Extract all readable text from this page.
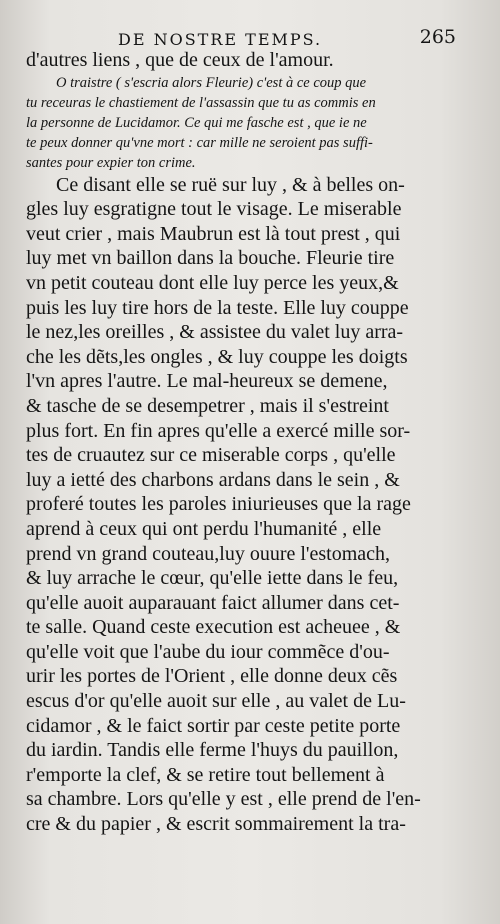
DE NOSTRE TEMPS.	265
d'autres liens , que de ceux de l'amour.
O traistre ( s'escria alors Fleurie) c'est à ce coup que
tu receuras le chastiement de l'assassin que tu as commis en
la personne de Lucidamor. Ce qui me fasche est , que ie ne
te peux donner qu'vne mort : car mille ne seroient pas suffi-
santes pour expier ton crime.
Ce disant elle se ruë sur luy , & à belles on-
gles luy esgratigne tout le visage. Le miserable
veut crier , mais Maubrun est là tout prest , qui
luy met vn baillon dans la bouche. Fleurie tire
vn petit couteau dont elle luy perce les yeux,&
puis les luy tire hors de la teste. Elle luy couppe
le nez,les oreilles , & assistee du valet luy arra-
che les dẽts,les ongles , & luy couppe les doigts
l'vn apres l'autre. Le mal-heureux se demene,
& tasche de se desempetrer , mais il s'estreint
plus fort. En fin apres qu'elle a exercé mille sor-
tes de cruautez sur ce miserable corps , qu'elle
luy a ietté des charbons ardans dans le sein , &
proferé toutes les paroles iniurieuses que la rage
aprend à ceux qui ont perdu l'humanité , elle
prend vn grand couteau,luy ouure l'estomach,
& luy arrache le cœur, qu'elle iette dans le feu,
qu'elle auoit auparauant faict allumer dans cet-
te salle. Quand ceste execution est acheuee , &
qu'elle voit que l'aube du iour commẽce d'ou-
urir les portes de l'Orient , elle donne deux cẽs
escus d'or qu'elle auoit sur elle , au valet de Lu-
cidamor , & le faict sortir par ceste petite porte
du iardin. Tandis elle ferme l'huys du pauillon,
r'emporte la clef, & se retire tout bellement à
sa chambre. Lors qu'elle y est , elle prend de l'en-
cre & du papier , & escrit sommairement la tra-
